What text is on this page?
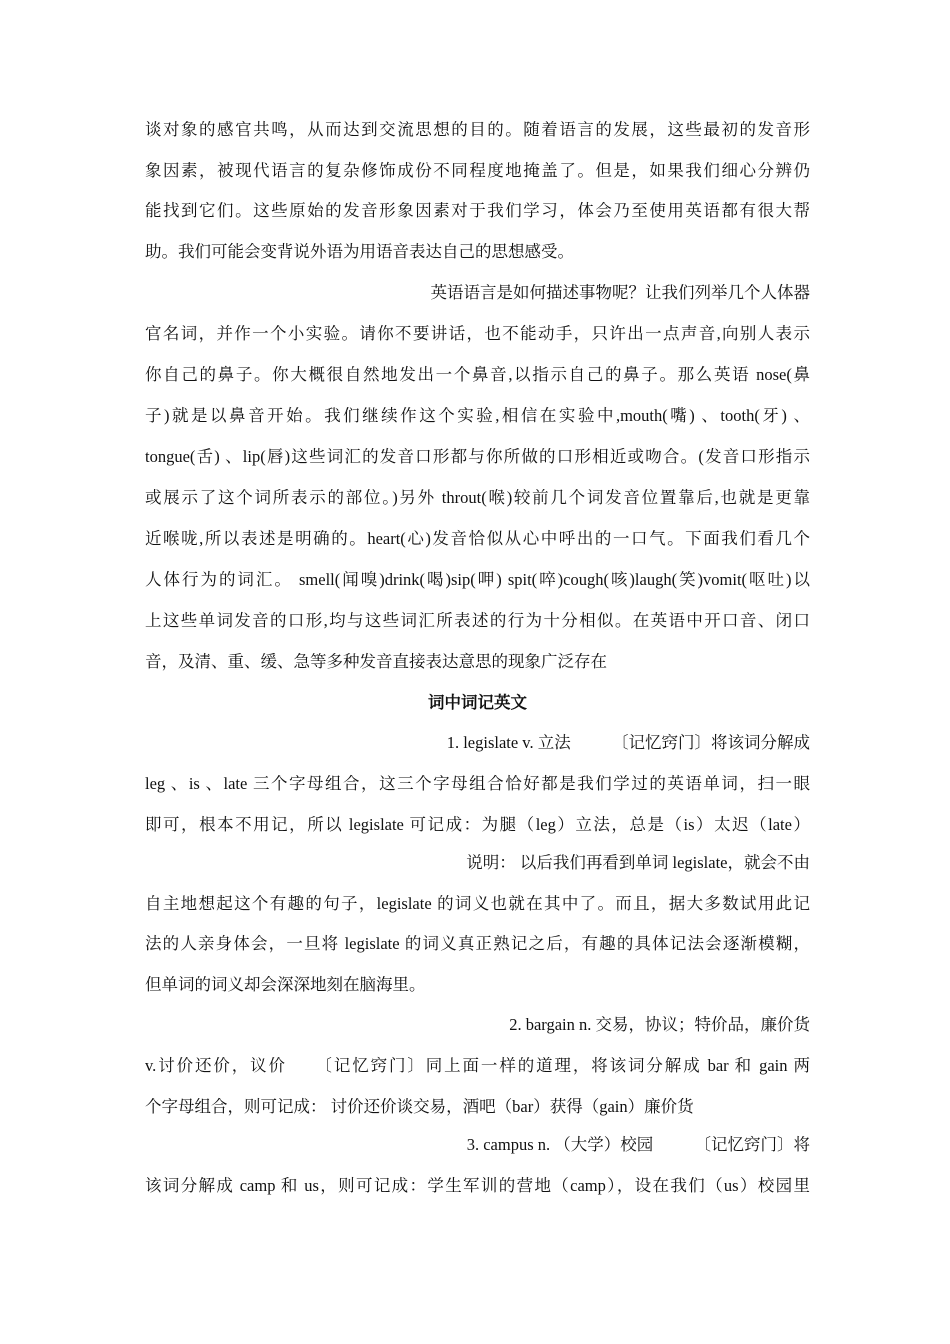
谈对象的感官共鸣，从而达到交流思想的目的。随着语言的发展，这些最初的发音形
象因素，被现代语言的复杂修饰成份不同程度地掩盖了。但是，如果我们细心分辨仍
能找到它们。这些原始的发音形象因素对于我们学习，体会乃至使用英语都有很大帮
助。我们可能会变背说外语为用语音表达自己的思想感受。
英语语言是如何描述事物呢？让我们列举几个人体器
官名词，并作一个小实验。请你不要讲话，也不能动手，只许出一点声音,向别人表示
你自己的鼻子。你大概很自然地发出一个鼻音,以指示自己的鼻子。那么英语 nose(鼻
子)就是以鼻音开始。我们继续作这个实验,相信在实验中,mouth(嘴) 、tooth(牙) 、
tongue(舌) 、lip(唇)这些词汇的发音口形都与你所做的口形相近或吻合。(发音口形指示
或展示了这个词所表示的部位。)另外 throut(喉)较前几个词发音位置靠后,也就是更靠
近喉咙,所以表述是明确的。heart(心)发音恰似从心中呼出的一口气。下面我们看几个
人体行为的词汇。 smell(闻嗅)drink(喝)sip(呷) spit(啐)cough(咳)laugh(笑)vomit(呕吐)以
上这些单词发音的口形,均与这些词汇所表述的行为十分相似。在英语中开口音、闭口
音，及清、重、缓、急等多种发音直接表达意思的现象广泛存在
词中词记英文
1. legislate v. 立法　　　〔记忆窍门〕将该词分解成
leg 、is 、late 三个字母组合，这三个字母组合恰好都是我们学过的英语单词，扫一眼
即可，根本不用记，所以 legislate 可记成：为腿（leg）立法，总是（is）太迟（late）
说明： 以后我们再看到单词 legislate，就会不由
自主地想起这个有趣的句子，legislate 的词义也就在其中了。而且，据大多数试用此记
法的人亲身体会，一旦将 legislate 的词义真正熟记之后，有趣的具体记法会逐渐模糊，
但单词的词义却会深深地刻在脑海里。
2. bargain n. 交易，协议；特价品，廉价货
v.讨价还价，议价　　〔记忆窍门〕同上面一样的道理，将该词分解成 bar 和 gain 两
个字母组合，则可记成： 讨价还价谈交易，酒吧（bar）获得（gain）廉价货
3. campus n. （大学）校园　　　〔记忆窍门〕将
该词分解成 camp 和 us，则可记成：学生军训的营地（camp），设在我们（us）校园里
